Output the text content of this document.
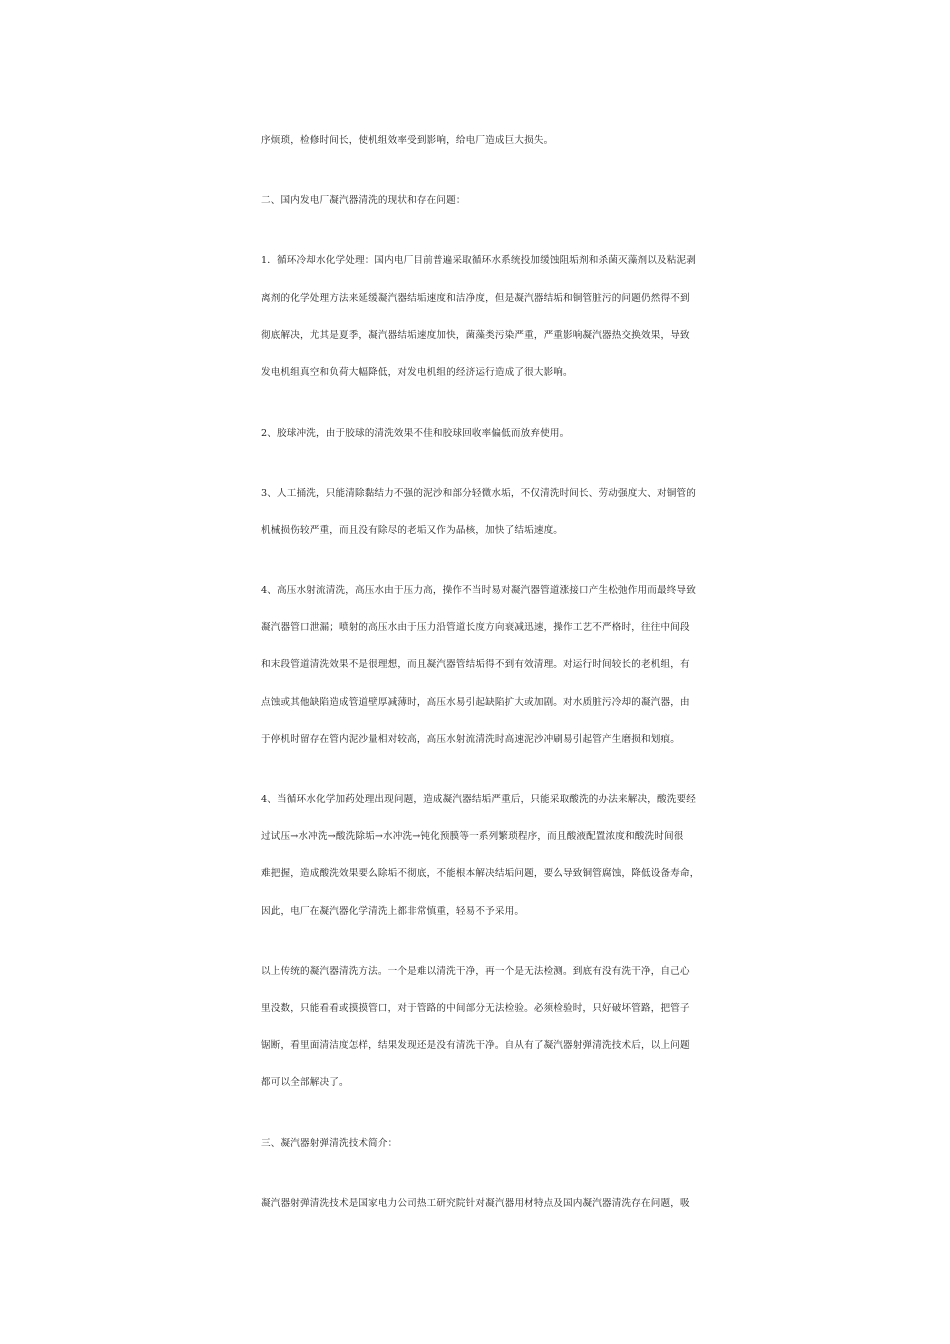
序烦琐，检修时间长，使机组效率受到影响，给电厂造成巨大损失。
二、国内发电厂凝汽器清洗的现状和存在问题：
1．循环冷却水化学处理：国内电厂目前普遍采取循环水系统投加缓蚀阻垢剂和杀菌灭藻剂以及粘泥剥
离剂的化学处理方法来延缓凝汽器结垢速度和洁净度，但是凝汽器结垢和铜管脏污的问题仍然得不到
彻底解决，尤其是夏季，凝汽器结垢速度加快，菌藻类污染严重，严重影响凝汽器热交换效果，导致
发电机组真空和负荷大幅降低，对发电机组的经济运行造成了很大影响。
2、胶球冲洗，由于胶球的清洗效果不佳和胶球回收率偏低而放弃使用。
3、人工捅洗，只能清除黏结力不强的泥沙和部分轻微水垢，不仅清洗时间长、劳动强度大、对铜管的
机械损伤较严重，而且没有除尽的老垢又作为晶核，加快了结垢速度。
4、高压水射流清洗，高压水由于压力高，操作不当时易对凝汽器管道涨接口产生松弛作用而最终导致
凝汽器管口泄漏；喷射的高压水由于压力沿管道长度方向衰减迅速，操作工艺不严格时，往往中间段
和末段管道清洗效果不是很理想，而且凝汽器管结垢得不到有效清理。对运行时间较长的老机组，有
点蚀或其他缺陷造成管道壁厚减薄时，高压水易引起缺陷扩大或加剧。对水质脏污冷却的凝汽器，由
于停机时留存在管内泥沙量相对较高，高压水射流清洗时高速泥沙冲刷易引起管产生磨损和划痕。
4、当循环水化学加药处理出现问题，造成凝汽器结垢严重后，只能采取酸洗的办法来解决，酸洗要经
过试压→水冲洗→酸洗除垢→水冲洗→钝化预膜等一系列繁琐程序，而且酸液配置浓度和酸洗时间很
难把握，造成酸洗效果要么除垢不彻底，不能根本解决结垢问题，要么导致铜管腐蚀，降低设备寿命，
因此，电厂在凝汽器化学清洗上都非常慎重，轻易不予采用。
以上传统的凝汽器清洗方法。一个是难以清洗干净，再一个是无法检测。到底有没有洗干净，自己心
里没数，只能看看或摸摸管口，对于管路的中间部分无法检验。必须检验时，只好破坏管路，把管子
锯断，看里面清洁度怎样，结果发现还是没有清洗干净。自从有了凝汽器射弹清洗技术后，以上问题
都可以全部解决了。
三、凝汽器射弹清洗技术简介：
凝汽器射弹清洗技术是国家电力公司热工研究院针对凝汽器用材特点及国内凝汽器清洗存在问题，吸
